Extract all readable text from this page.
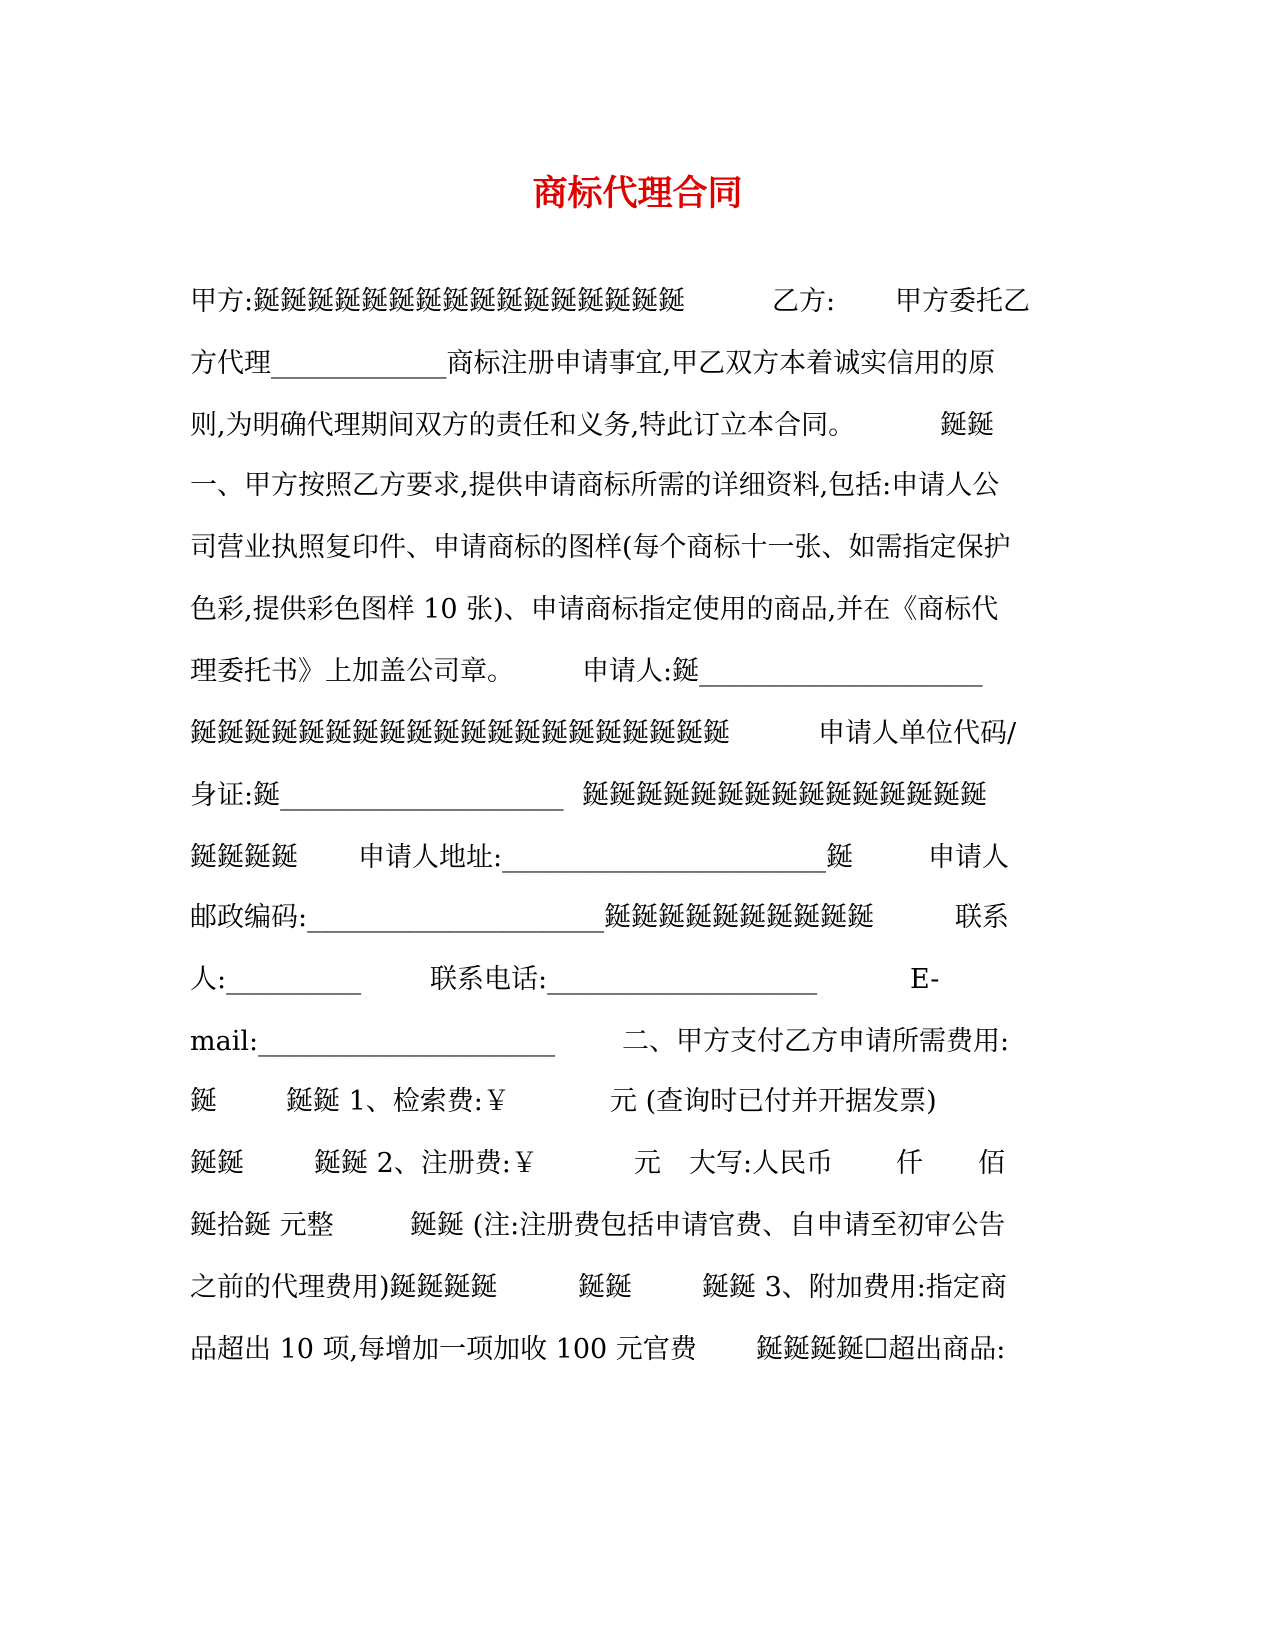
商标代理合同
甲方:鋋鋋鋋鋋鋋鋋鋋鋋鋋鋋鋋鋋鋋鋋鋋鋋	乙方: 甲方委托乙
方代理_____________商标注册申请事宜,甲乙双方本着诚实信用的原
则,为明确代理期间双方的责任和义务,特此订立本合同。	鋋鋋
一、甲方按照乙方要求,提供申请商标所需的详细资料,包括:申请人公
司营业执照复印件、申请商标的图样(每个商标十一张、如需指定保护
色彩,提供彩色图样 10 张)、申请商标指定使用的商品,并在《商标代
理委托书》上加盖公司章。	申请人:鋋_____________________
鋋鋋鋋鋋鋋鋋鋋鋋鋋鋋鋋鋋鋋鋋鋋鋋鋋鋋鋋鋋	申请人单位代码/
身证:鋋_____________________ 鋋鋋鋋鋋鋋鋋鋋鋋鋋鋋鋋鋋鋋鋋鋋
鋋鋋鋋鋋 申请人地址:________________________鋋	申请人
邮政编码:______________________鋋鋋鋋鋋鋋鋋鋋鋋鋋鋋	联系
人:__________	联系电话:____________________	E-
mail:______________________ 二、甲方支付乙方申请所需费用:
鋋	鋋鋋 1、检索费:￥	元 (查询时已付并开据发票)
鋋鋋	鋋鋋 2、注册费:￥	元 大写:人民币 仟 佰
鋋拾鋋 元整	鋋鋋 (注:注册费包括申请官费、自申请至初审公告
之前的代理费用)鋋鋋鋋鋋	鋋鋋	鋋鋋 3、附加费用:指定商
品超出 10 项,每增加一项加收 100 元官费 鋋鋋鋋鋋☐超出商品:
